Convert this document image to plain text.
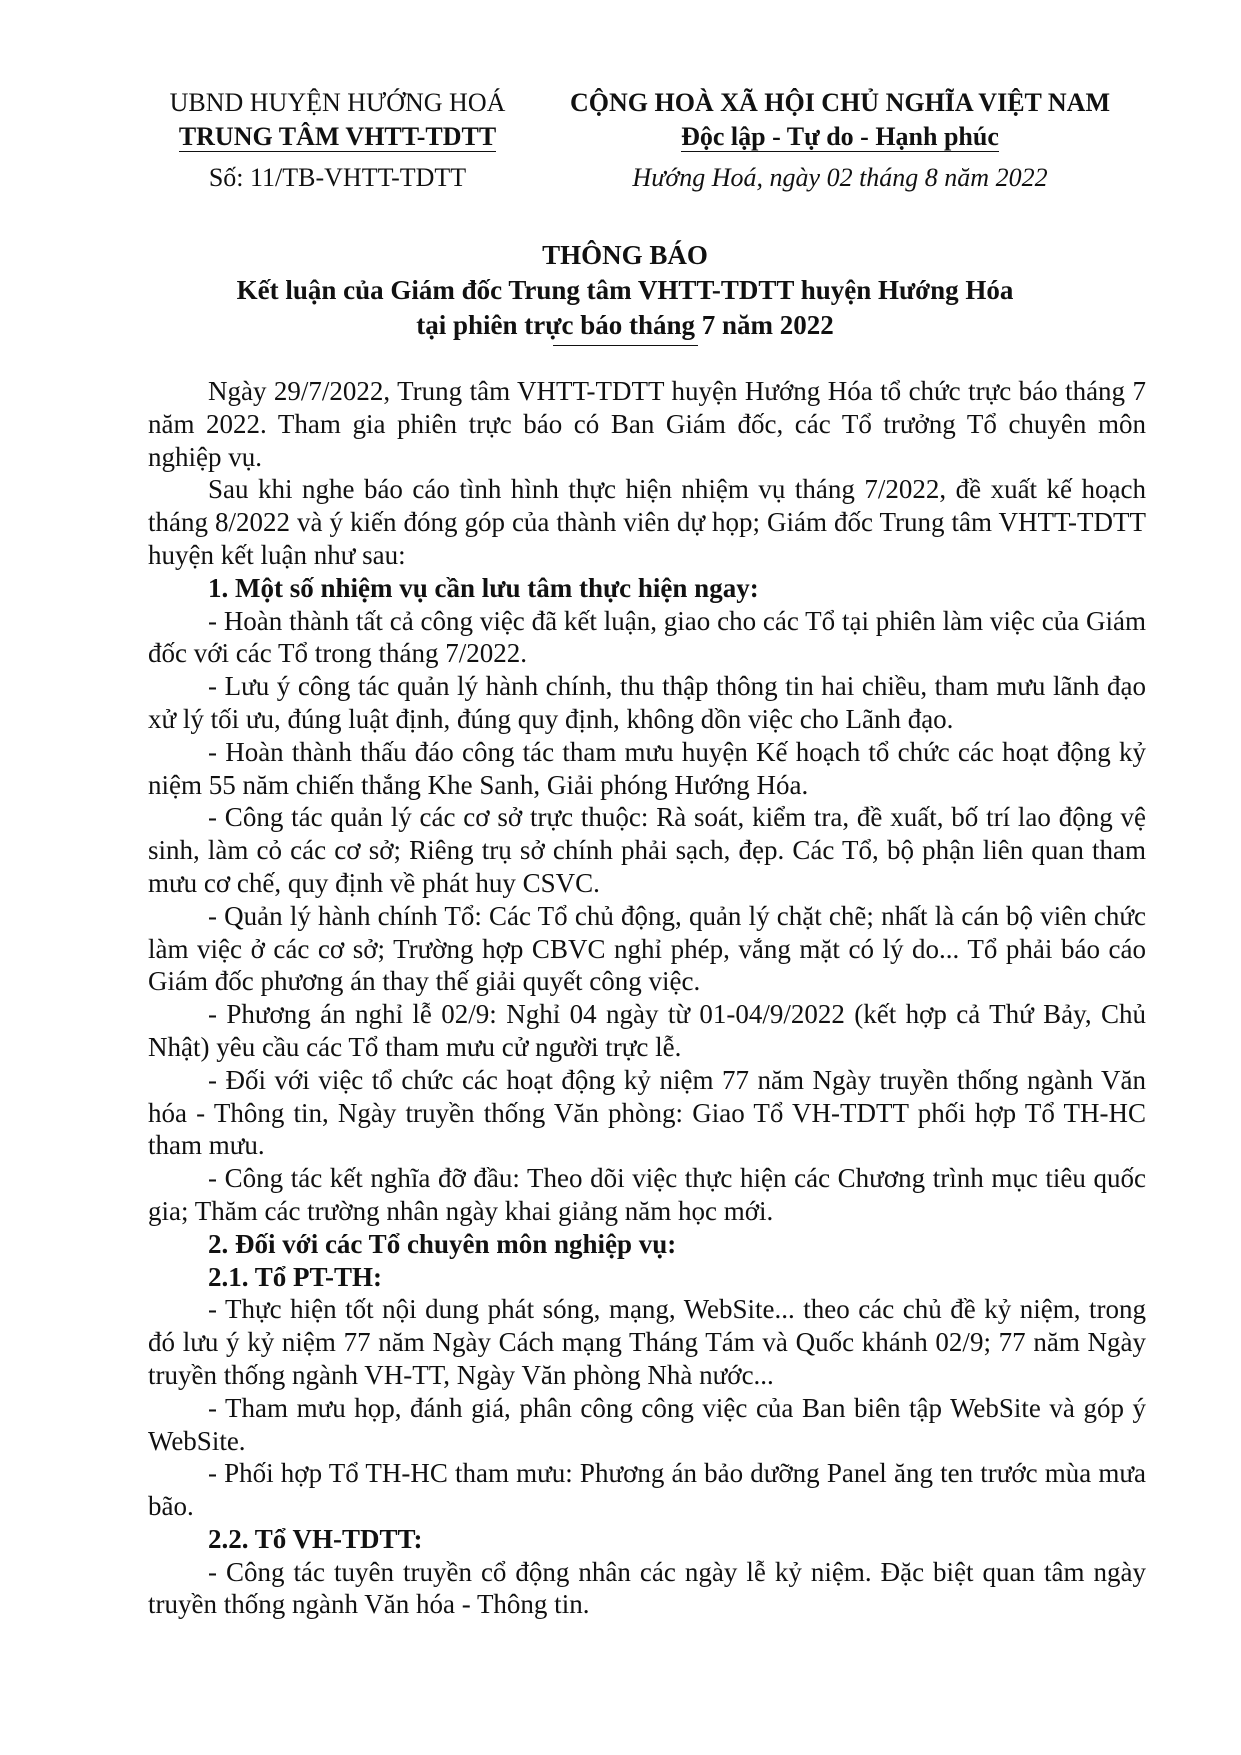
UBND HUYỆN HƯỚNG HOÁ
TRUNG TÂM VHTT-TDTT
CỘNG HOÀ XÃ HỘI CHỦ NGHĨA VIỆT NAM
Độc lập - Tự do - Hạnh phúc
Số: 11/TB-VHTT-TDTT	Hướng Hoá, ngày 02 tháng 8 năm 2022
THÔNG BÁO
Kết luận của Giám đốc Trung tâm VHTT-TDTT huyện Hướng Hóa
tại phiên trực báo tháng 7 năm 2022

Ngày 29/7/2022, Trung tâm VHTT-TDTT huyện Hướng Hóa tổ chức trực báo tháng 7 năm 2022. Tham gia phiên trực báo có Ban Giám đốc, các Tổ trưởng Tổ chuyên môn nghiệp vụ.

Sau khi nghe báo cáo tình hình thực hiện nhiệm vụ tháng 7/2022, đề xuất kế hoạch tháng 8/2022 và ý kiến đóng góp của thành viên dự họp; Giám đốc Trung tâm VHTT-TDTT huyện kết luận như sau:

1. Một số nhiệm vụ cần lưu tâm thực hiện ngay:

- Hoàn thành tất cả công việc đã kết luận, giao cho các Tổ tại phiên làm việc của Giám đốc với các Tổ trong tháng 7/2022.

- Lưu ý công tác quản lý hành chính, thu thập thông tin hai chiều, tham mưu lãnh đạo xử lý tối ưu, đúng luật định, đúng quy định, không dồn việc cho Lãnh đạo.

- Hoàn thành thấu đáo công tác tham mưu huyện Kế hoạch tổ chức các hoạt động kỷ niệm 55 năm chiến thắng Khe Sanh, Giải phóng Hướng Hóa.

- Công tác quản lý các cơ sở trực thuộc: Rà soát, kiểm tra, đề xuất, bố trí lao động vệ sinh, làm cỏ các cơ sở; Riêng trụ sở chính phải sạch, đẹp. Các Tổ, bộ phận liên quan tham mưu cơ chế, quy định về phát huy CSVC.

- Quản lý hành chính Tổ: Các Tổ chủ động, quản lý chặt chẽ; nhất là cán bộ viên chức làm việc ở các cơ sở; Trường hợp CBVC nghỉ phép, vắng mặt có lý do... Tổ phải báo cáo Giám đốc phương án thay thế giải quyết công việc.

- Phương án nghỉ lễ 02/9: Nghỉ 04 ngày từ 01-04/9/2022 (kết hợp cả Thứ Bảy, Chủ Nhật) yêu cầu các Tổ tham mưu cử người trực lễ.

- Đối với việc tổ chức các hoạt động kỷ niệm 77 năm Ngày truyền thống ngành Văn hóa - Thông tin, Ngày truyền thống Văn phòng: Giao Tổ VH-TDTT phối hợp Tổ TH-HC tham mưu.

- Công tác kết nghĩa đỡ đầu: Theo dõi việc thực hiện các Chương trình mục tiêu quốc gia; Thăm các trường nhân ngày khai giảng năm học mới.

2. Đối với các Tổ chuyên môn nghiệp vụ:

2.1. Tổ PT-TH:

- Thực hiện tốt nội dung phát sóng, mạng, WebSite... theo các chủ đề kỷ niệm, trong đó lưu ý kỷ niệm 77 năm Ngày Cách mạng Tháng Tám và Quốc khánh 02/9; 77 năm Ngày truyền thống ngành VH-TT, Ngày Văn phòng Nhà nước...

- Tham mưu họp, đánh giá, phân công công việc của Ban biên tập WebSite và góp ý WebSite.

- Phối hợp Tổ TH-HC tham mưu: Phương án bảo dưỡng Panel ăng ten trước mùa mưa bão.

2.2. Tổ VH-TDTT:

- Công tác tuyên truyền cổ động nhân các ngày lễ kỷ niệm. Đặc biệt quan tâm ngày truyền thống ngành Văn hóa - Thông tin.
